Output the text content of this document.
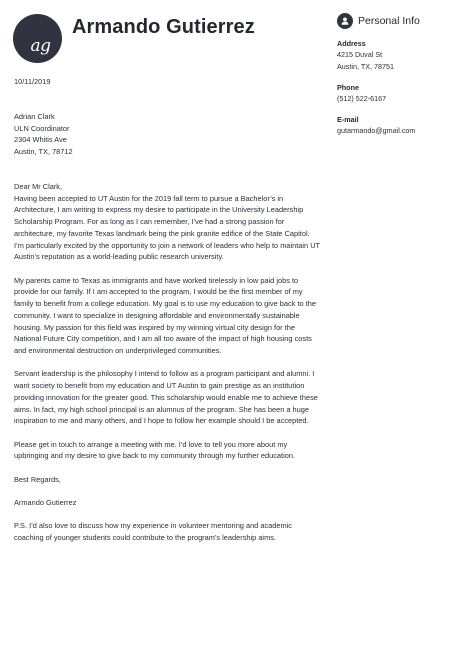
ag
Armando Gutierrez
10/11/2019
Adrian Clark
ULN Coordinator
2304 Whitis Ave
Austin, TX, 78712
Dear Mr Clark,

Having been accepted to UT Austin for the 2019 fall term to pursue a Bachelor’s in Architecture, I am writing to express my desire to participate in the University Leadership Scholarship Program. For as long as I can remember, I’ve had a strong passion for architecture, my favorite Texas landmark being the pink granite edifice of the State Capitol. I’m particularly excited by the opportunity to join a network of leaders who help to maintain UT Austin’s reputation as a world-leading public research university.

My parents came to Texas as immigrants and have worked tirelessly in low paid jobs to provide for our family. If I am accepted to the program, I would be the first member of my family to benefit from a college education. My goal is to use my education to give back to the community. I want to specialize in designing affordable and environmentally sustainable housing. My passion for this field was inspired by my winning virtual city design for the National Future City competition, and I am all too aware of the impact of high housing costs and environmental destruction on underprivileged communities.

Servant leadership is the philosophy I intend to follow as a program participant and alumni. I want society to benefit from my education and UT Austin to gain prestige as an institution providing innovation for the greater good. This scholarship would enable me to achieve these aims. In fact, my high school principal is an alumnus of the program. She has been a huge inspiration to me and many others, and I hope to follow her example should I be accepted.

Please get in touch to arrange a meeting with me. I’d love to tell you more about my upbringing and my desire to give back to my community through my further education.

Best Regards,

Armando Gutierrez

P.S. I’d also love to discuss how my experience in volunteer mentoring and academic coaching of younger students could contribute to the program’s leadership aims.

Personal Info
Address
4215 Duval St
Austin, TX, 78751
Phone
(512) 522-6167
E-mail
gutarmando@gmail.com
